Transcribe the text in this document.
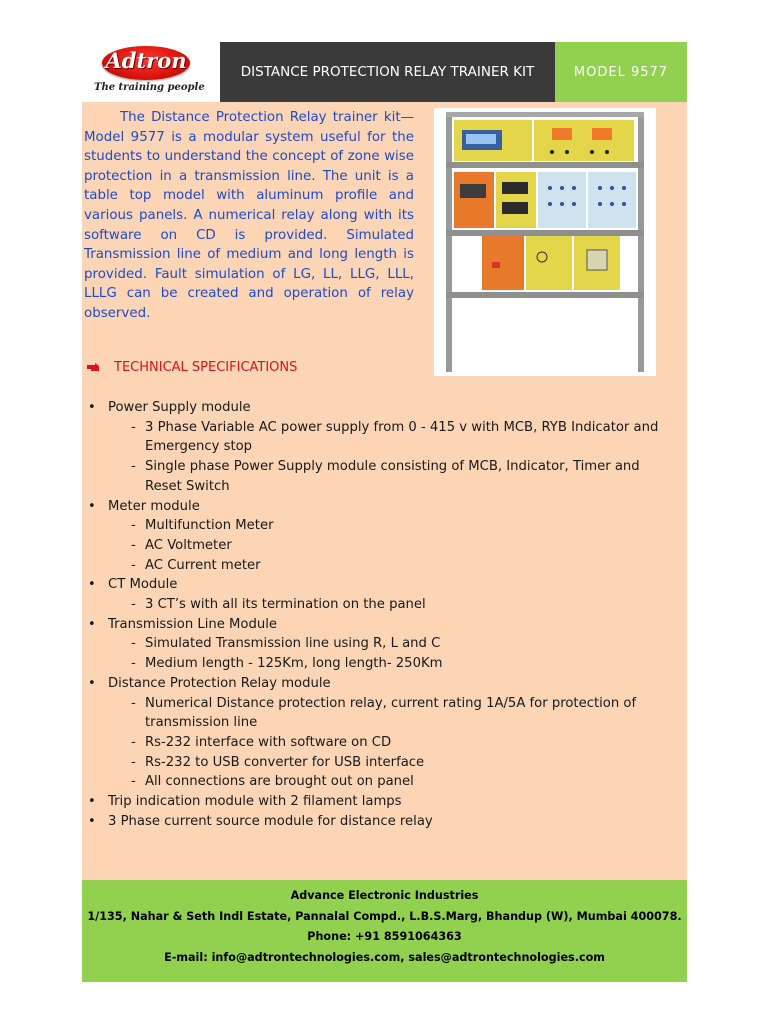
Adtron
The training people
DISTANCE PROTECTION RELAY TRAINER KIT	MODEL 9577

The Distance Protection Relay trainer kit—Model 9577 is a modular system useful for the students to understand the concept of zone wise protection in a transmission line. The unit is a table top model with aluminum profile and various panels. A numerical relay along with its software on CD is provided. Simulated Transmission line of medium and long length is provided. Fault simulation of LG, LL, LLG, LLL, LLLG can be created and operation of relay observed.

TECHNICAL SPECIFICATIONS
• Power Supply module
- 3 Phase Variable AC power supply from 0 - 415 v with MCB, RYB Indicator and Emergency stop
- Single phase Power Supply module consisting of MCB, Indicator, Timer and Reset Switch
• Meter module
- Multifunction Meter
- AC Voltmeter
- AC Current meter
• CT Module
- 3 CT’s with all its termination on the panel
• Transmission Line Module
- Simulated Transmission line using R, L and C
- Medium length - 125Km, long length- 250Km
• Distance Protection Relay module
- Numerical Distance protection relay, current rating 1A/5A for protection of transmission line
- Rs-232 interface with software on CD
- Rs-232 to USB converter for USB interface
- All connections are brought out on panel
• Trip indication module with 2 filament lamps
• 3 Phase current source module for distance relay
Advance Electronic Industries
1/135, Nahar & Seth Indl Estate, Pannalal Compd., L.B.S.Marg, Bhandup (W), Mumbai 400078.
Phone: +91 8591064363
E-mail: info@adtrontechnologies.com, sales@adtrontechnologies.com
